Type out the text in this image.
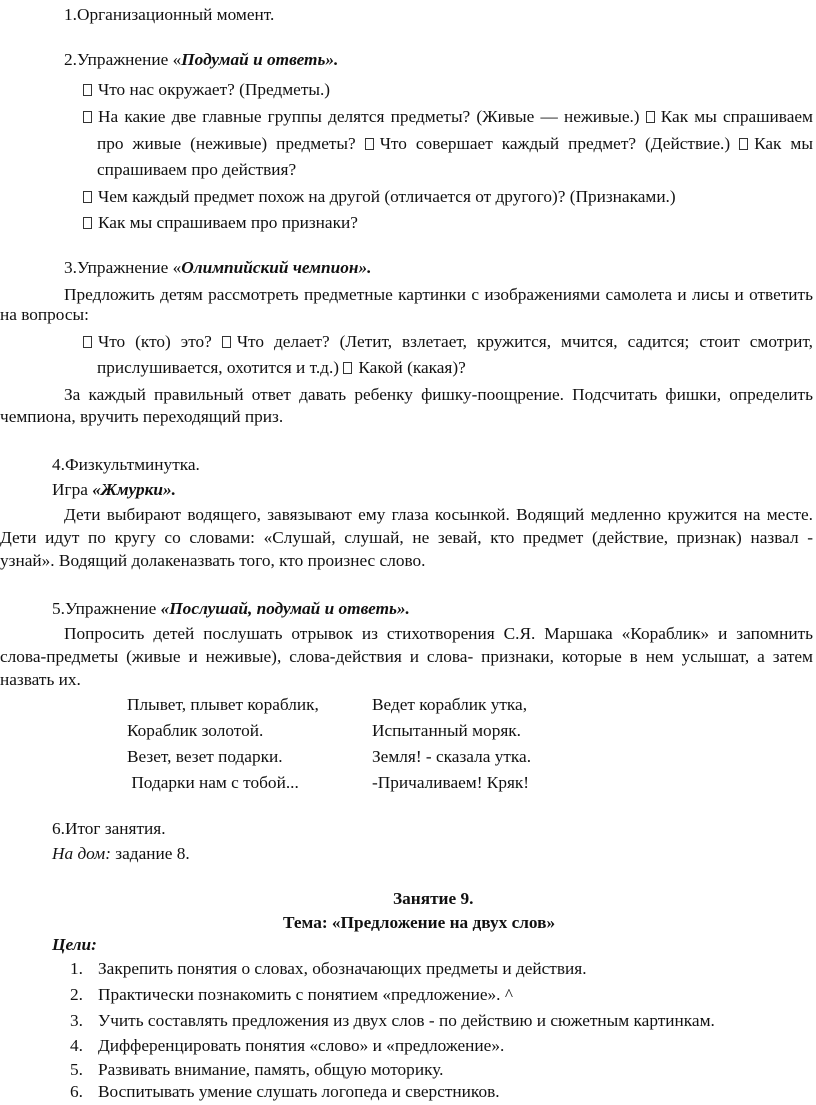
1.Организационный момент.
2.Упражнение «Подумай и ответь».
Что нас окружает? (Предметы.)
На какие две главные группы делятся предметы? (Живые — неживые.) Как мы спрашиваем
про живые (неживые) предметы? Что совершает каждый предмет? (Действие.) Как мы
спрашиваем про действия?
Чем каждый предмет похож на другой (отличается от другого)? (Признаками.)
Как мы спрашиваем про признаки?
3.Упражнение «Олимпийский чемпион».
Предложить детям рассмотреть предметные картинки с изображениями самолета и лисы и ответить
на вопросы:
Что (кто) это? Что делает? (Летит, взлетает, кружится, мчится, садится; стоит смотрит,
прислушивается, охотится и т.д.) Какой (какая)?
За каждый правильный ответ давать ребенку фишку-поощрение. Подсчитать фишки, определить
чемпиона, вручить переходящий приз.
4.Физкультминутка.
Игра «Жмурки».
Дети выбирают водящего, завязывают ему глаза косынкой. Водящий медленно кружится на месте.
Дети идут по кругу со словами: «Слушай, слушай, не зевай, кто предмет (действие, признак) назвал -
узнай». Водящий долакеназвать того, кто произнес слово.
5.Упражнение «Послушай, подумай и ответь».
Попросить детей послушать отрывок из стихотворения С.Я. Маршака «Кораблик» и запомнить
слова-предметы (живые и неживые), слова-действия и слова- признаки, которые в нем услышат, а затем
назвать их.
Плывет, плывет кораблик,
Кораблик золотой.
Везет, везет подарки.
Подарки нам с тобой...
Ведет кораблик утка,
Испытанный моряк.
Земля! - сказала утка.
-Причаливаем! Кряк!
6.Итог занятия.
На дом: задание 8.
Занятие 9.
Тема: «Предложение на двух слов»
Цели:
1. Закрепить понятия о словах, обозначающих предметы и действия.
2. Практически познакомить с понятием «предложение». ^
3. Учить составлять предложения из двух слов - по действию и сюжетным картинкам.
4. Дифференцировать понятия «слово» и «предложение».
5. Развивать внимание, память, общую моторику.
6. Воспитывать умение слушать логопеда и сверстников.
